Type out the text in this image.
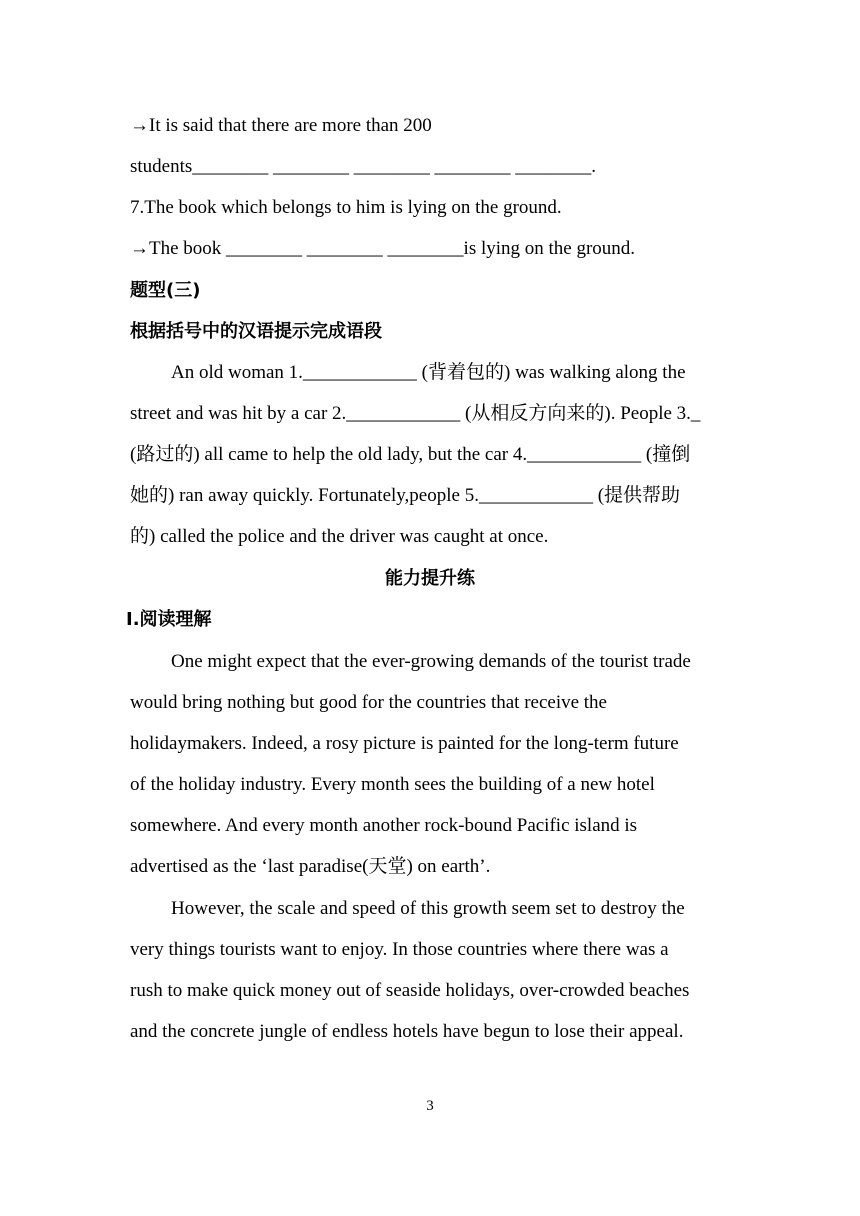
→It is said that there are more than 200
students________ ________ ________ ________ ________.
7.The book which belongs to him is lying on the ground.
→The book ________ ________ ________is lying on the ground.
题型(三)
根据括号中的汉语提示完成语段
An old woman 1.____________ (背着包的) was walking along the
street and was hit by a car 2.____________ (从相反方向来的). People 3._
(路过的) all came to help the old lady, but the car 4.____________ (撞倒
她的) ran away quickly. Fortunately,people 5.____________ (提供帮助
的) called the police and the driver was caught at once.
能力提升练
Ⅰ.阅读理解
One might expect that the ever-growing demands of the tourist trade
would bring nothing but good for the countries that receive the
holidaymakers. Indeed, a rosy picture is painted for the long-term future
of the holiday industry. Every month sees the building of a new hotel
somewhere. And every month another rock-bound Pacific island is
advertised as the ‘last paradise(天堂) on earth’.
However, the scale and speed of this growth seem set to destroy the
very things tourists want to enjoy. In those countries where there was a
rush to make quick money out of seaside holidays, over-crowded beaches
and the concrete jungle of endless hotels have begun to lose their appeal.
3
